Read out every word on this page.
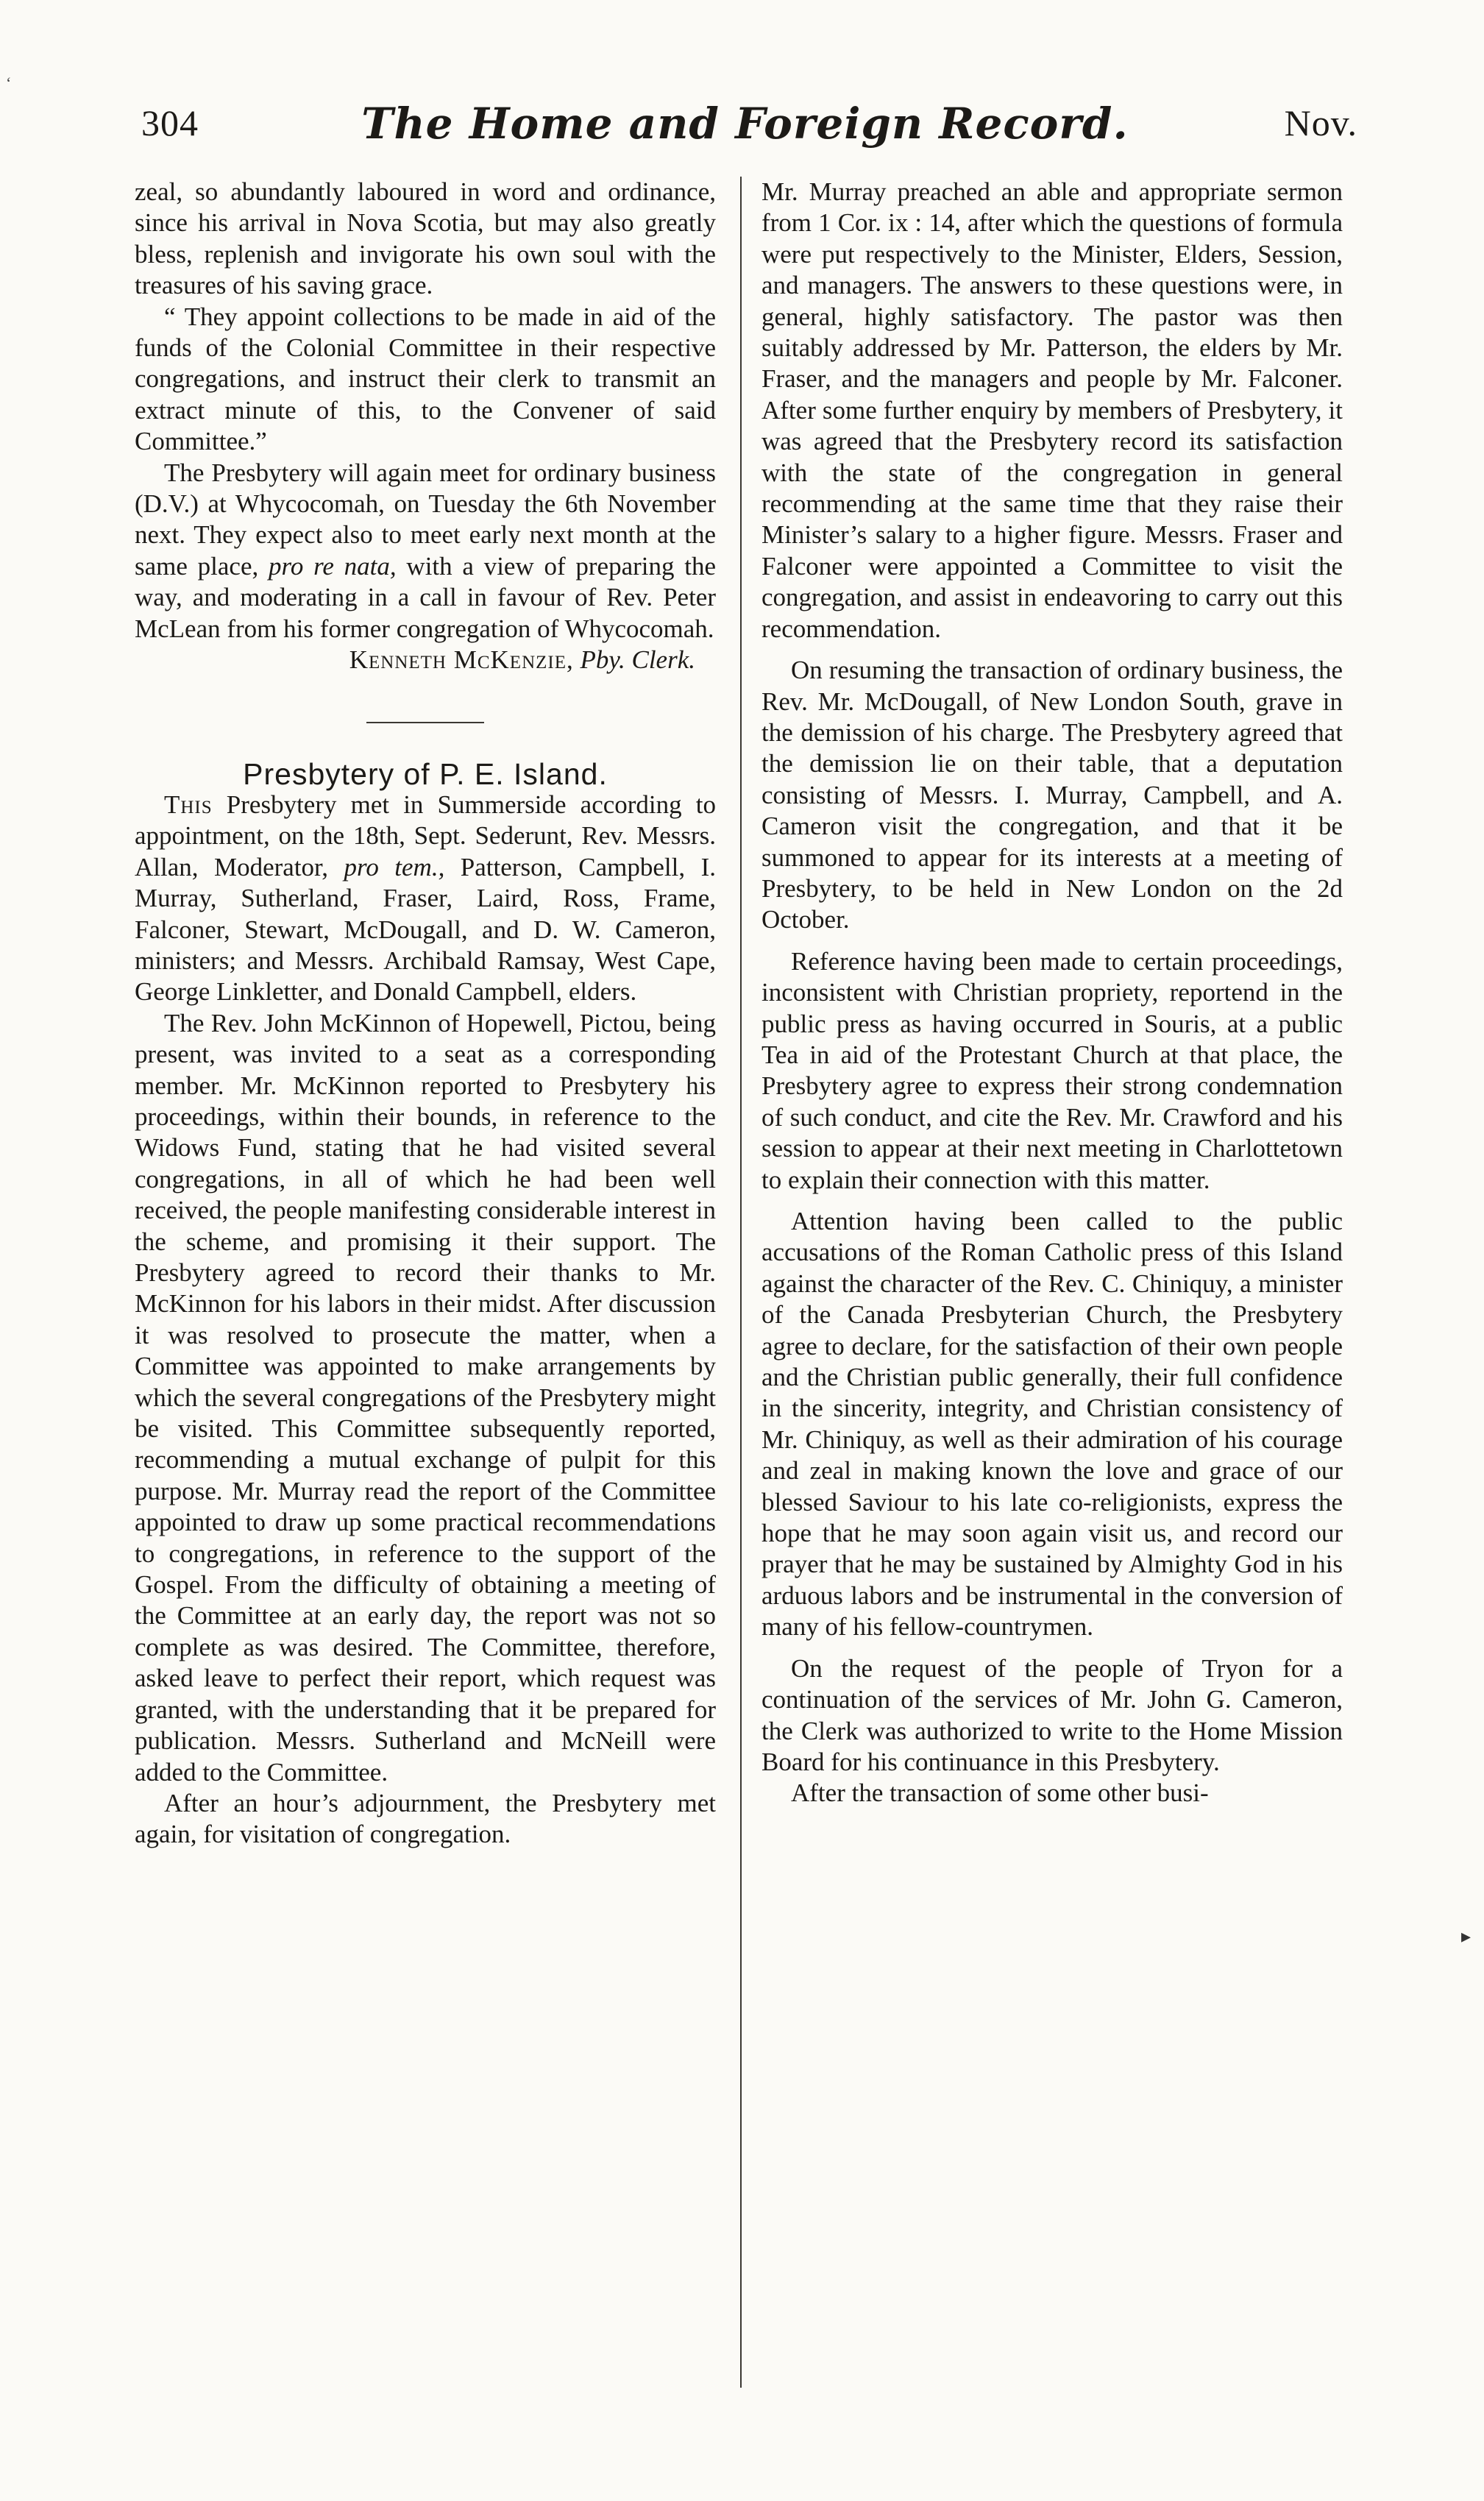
304	The Home and Foreign Record.	Nov.
ʻ

zeal, so abundantly laboured in word and ordinance, since his arrival in Nova Scotia, but may also greatly bless, replenish and invigorate his own soul with the treasures of his saving grace.

“ They appoint collections to be made in aid of the funds of the Colonial Committee in their respective congregations, and instruct their clerk to transmit an extract minute of this, to the Convener of said Committee.”

The Presbytery will again meet for ordinary business (D.V.) at Whycocomah, on Tuesday the 6th November next. They expect also to meet early next month at the same place, pro re nata, with a view of preparing the way, and moderating in a call in favour of Rev. Peter McLean from his former congregation of Whycocomah.

Kenneth McKenzie, Pby. Clerk.

Presbytery of P. E. Island.

This Presbytery met in Summerside according to appointment, on the 18th, Sept. Sederunt, Rev. Messrs. Allan, Moderator, pro tem., Patterson, Campbell, I. Murray, Sutherland, Fraser, Laird, Ross, Frame, Falconer, Stewart, McDougall, and D. W. Cameron, ministers; and Messrs. Archibald Ramsay, West Cape, George Linkletter, and Donald Campbell, elders.

The Rev. John McKinnon of Hopewell, Pictou, being present, was invited to a seat as a corresponding member. Mr. McKinnon reported to Presbytery his proceedings, within their bounds, in reference to the Widows Fund, stating that he had visited several congregations, in all of which he had been well received, the people manifesting considerable interest in the scheme, and promising it their support. The Presbytery agreed to record their thanks to Mr. McKinnon for his labors in their midst. After discussion it was resolved to prosecute the matter, when a Committee was appointed to make arrangements by which the several congregations of the Presbytery might be visited. This Committee subsequently reported, recommending a mutual exchange of pulpit for this purpose. Mr. Murray read the report of the Committee appointed to draw up some practical recommendations to congregations, in reference to the support of the Gospel. From the difficulty of obtaining a meeting of the Committee at an early day, the report was not so complete as was desired. The Committee, therefore, asked leave to perfect their report, which request was granted, with the understanding that it be prepared for publication. Messrs. Sutherland and McNeill were added to the Committee.

After an hour’s adjournment, the Presbytery met again, for visitation of congregation.

Mr. Murray preached an able and appropriate sermon from 1 Cor. ix : 14, after which the questions of formula were put respectively to the Minister, Elders, Session, and managers. The answers to these questions were, in general, highly satisfactory. The pastor was then suitably addressed by Mr. Patterson, the elders by Mr. Fraser, and the managers and people by Mr. Falconer. After some further enquiry by members of Presbytery, it was agreed that the Presbytery record its satisfaction with the state of the congregation in general recommending at the same time that they raise their Minister’s salary to a higher figure. Messrs. Fraser and Falconer were appointed a Committee to visit the congregation, and assist in endeavoring to carry out this recommendation.

On resuming the transaction of ordinary business, the Rev. Mr. McDougall, of New London South, grave in the demission of his charge. The Presbytery agreed that the demission lie on their table, that a deputation consisting of Messrs. I. Murray, Campbell, and A. Cameron visit the congregation, and that it be summoned to appear for its interests at a meeting of Presbytery, to be held in New London on the 2d October.

Reference having been made to certain proceedings, inconsistent with Christian propriety, reportend in the public press as having occurred in Souris, at a public Tea in aid of the Protestant Church at that place, the Presbytery agree to express their strong condemnation of such conduct, and cite the Rev. Mr. Crawford and his session to appear at their next meeting in Charlottetown to explain their connection with this matter.

Attention having been called to the public accusations of the Roman Catholic press of this Island against the character of the Rev. C. Chiniquy, a minister of the Canada Presbyterian Church, the Presbytery agree to declare, for the satisfaction of their own people and the Christian public generally, their full confidence in the sincerity, integrity, and Christian consistency of Mr. Chiniquy, as well as their admiration of his courage and zeal in making known the love and grace of our blessed Saviour to his late co-religionists, express the hope that he may soon again visit us, and record our prayer that he may be sustained by Almighty God in his arduous labors and be instrumental in the conversion of many of his fellow-countrymen.

On the request of the people of Tryon for a continuation of the services of Mr. John G. Cameron, the Clerk was authorized to write to the Home Mission Board for his continuance in this Presbytery.

After the transaction of some other busi-

▸
